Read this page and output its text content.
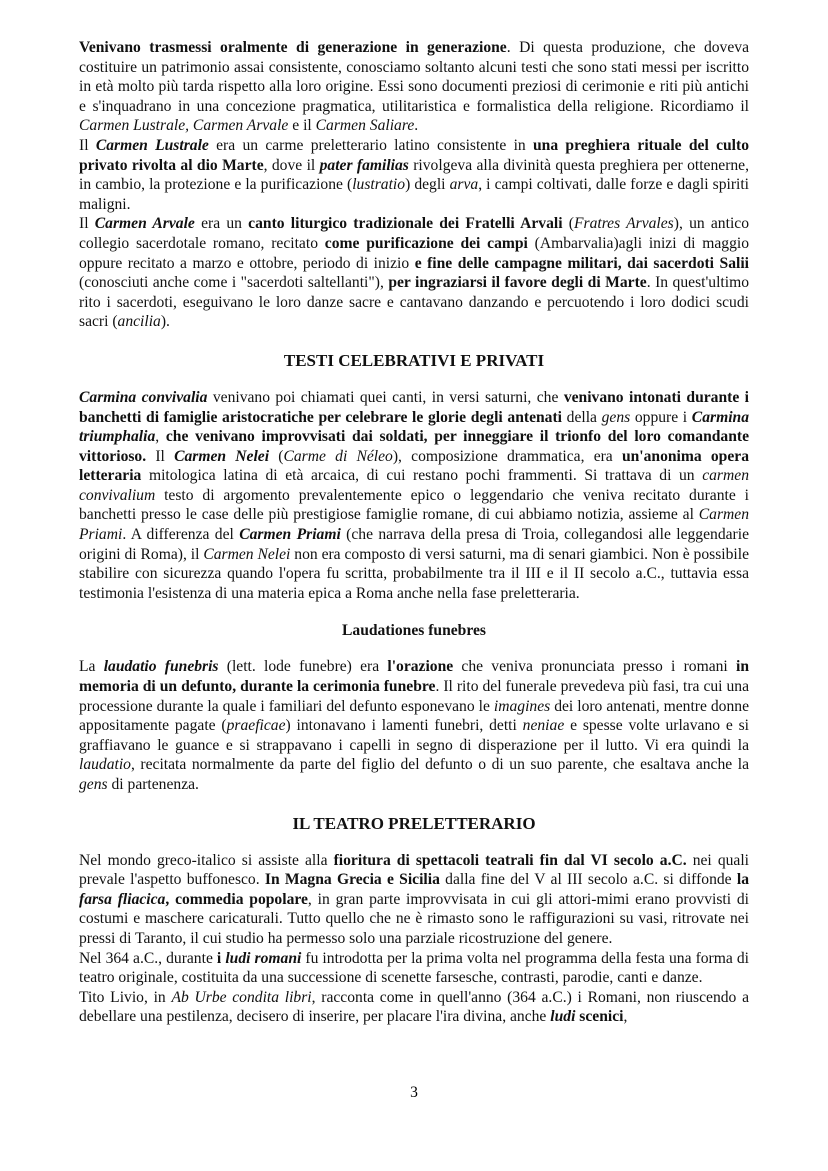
Venivano trasmessi oralmente di generazione in generazione. Di questa produzione, che doveva costituire un patrimonio assai consistente, conosciamo soltanto alcuni testi che sono stati messi per iscritto in età molto più tarda rispetto alla loro origine. Essi sono documenti preziosi di cerimonie e riti più antichi e s'inquadrano in una concezione pragmatica, utilitaristica e formalistica della religione. Ricordiamo il Carmen Lustrale, Carmen Arvale e il Carmen Saliare.

Il Carmen Lustrale era un carme preletterario latino consistente in una preghiera rituale del culto privato rivolta al dio Marte, dove il pater familias rivolgeva alla divinità questa preghiera per ottenerne, in cambio, la protezione e la purificazione (lustratio) degli arva, i campi coltivati, dalle forze e dagli spiriti maligni.

Il Carmen Arvale era un canto liturgico tradizionale dei Fratelli Arvali (Fratres Arvales), un antico collegio sacerdotale romano, recitato come purificazione dei campi (Ambarvalia)agli inizi di maggio oppure recitato a marzo e ottobre, periodo di inizio e fine delle campagne militari, dai sacerdoti Salii (conosciuti anche come i "sacerdoti saltellanti"), per ingraziarsi il favore degli di Marte. In quest'ultimo rito i sacerdoti, eseguivano le loro danze sacre e cantavano danzando e percuotendo i loro dodici scudi sacri (ancilia).

TESTI CELEBRATIVI E PRIVATI

Carmina convivalia venivano poi chiamati quei canti, in versi saturni, che venivano intonati durante i banchetti di famiglie aristocratiche per celebrare le glorie degli antenati della gens oppure i Carmina triumphalia, che venivano improvvisati dai soldati, per inneggiare il trionfo del loro comandante vittorioso. Il Carmen Nelei (Carme di Néleo), composizione drammatica, era un'anonima opera letteraria mitologica latina di età arcaica, di cui restano pochi frammenti. Si trattava di un carmen convivalium testo di argomento prevalentemente epico o leggendario che veniva recitato durante i banchetti presso le case delle più prestigiose famiglie romane, di cui abbiamo notizia, assieme al Carmen Priami. A differenza del Carmen Priami (che narrava della presa di Troia, collegandosi alle leggendarie origini di Roma), il Carmen Nelei non era composto di versi saturni, ma di senari giambici. Non è possibile stabilire con sicurezza quando l'opera fu scritta, probabilmente tra il III e il II secolo a.C., tuttavia essa testimonia l'esistenza di una materia epica a Roma anche nella fase preletteraria.

Laudationes funebres

La laudatio funebris (lett. lode funebre) era l'orazione che veniva pronunciata presso i romani in memoria di un defunto, durante la cerimonia funebre. Il rito del funerale prevedeva più fasi, tra cui una processione durante la quale i familiari del defunto esponevano le imagines dei loro antenati, mentre donne appositamente pagate (praeficae) intonavano i lamenti funebri, detti neniae e spesse volte urlavano e si graffiavano le guance e si strappavano i capelli in segno di disperazione per il lutto. Vi era quindi la laudatio, recitata normalmente da parte del figlio del defunto o di un suo parente, che esaltava anche la gens di partenenza.

IL TEATRO PRELETTERARIO

Nel mondo greco-italico si assiste alla fioritura di spettacoli teatrali fin dal VI secolo a.C. nei quali prevale l'aspetto buffonesco. In Magna Grecia e Sicilia dalla fine del V al III secolo a.C. si diffonde la farsa fliacica, commedia popolare, in gran parte improvvisata in cui gli attori-mimi erano provvisti di costumi e maschere caricaturali. Tutto quello che ne è rimasto sono le raffigurazioni su vasi, ritrovate nei pressi di Taranto, il cui studio ha permesso solo una parziale ricostruzione del genere.

Nel 364 a.C., durante i ludi romani fu introdotta per la prima volta nel programma della festa una forma di teatro originale, costituita da una successione di scenette farsesche, contrasti, parodie, canti e danze.

Tito Livio, in Ab Urbe condita libri, racconta come in quell'anno (364 a.C.) i Romani, non riuscendo a debellare una pestilenza, decisero di inserire, per placare l'ira divina, anche ludi scenici,

3
